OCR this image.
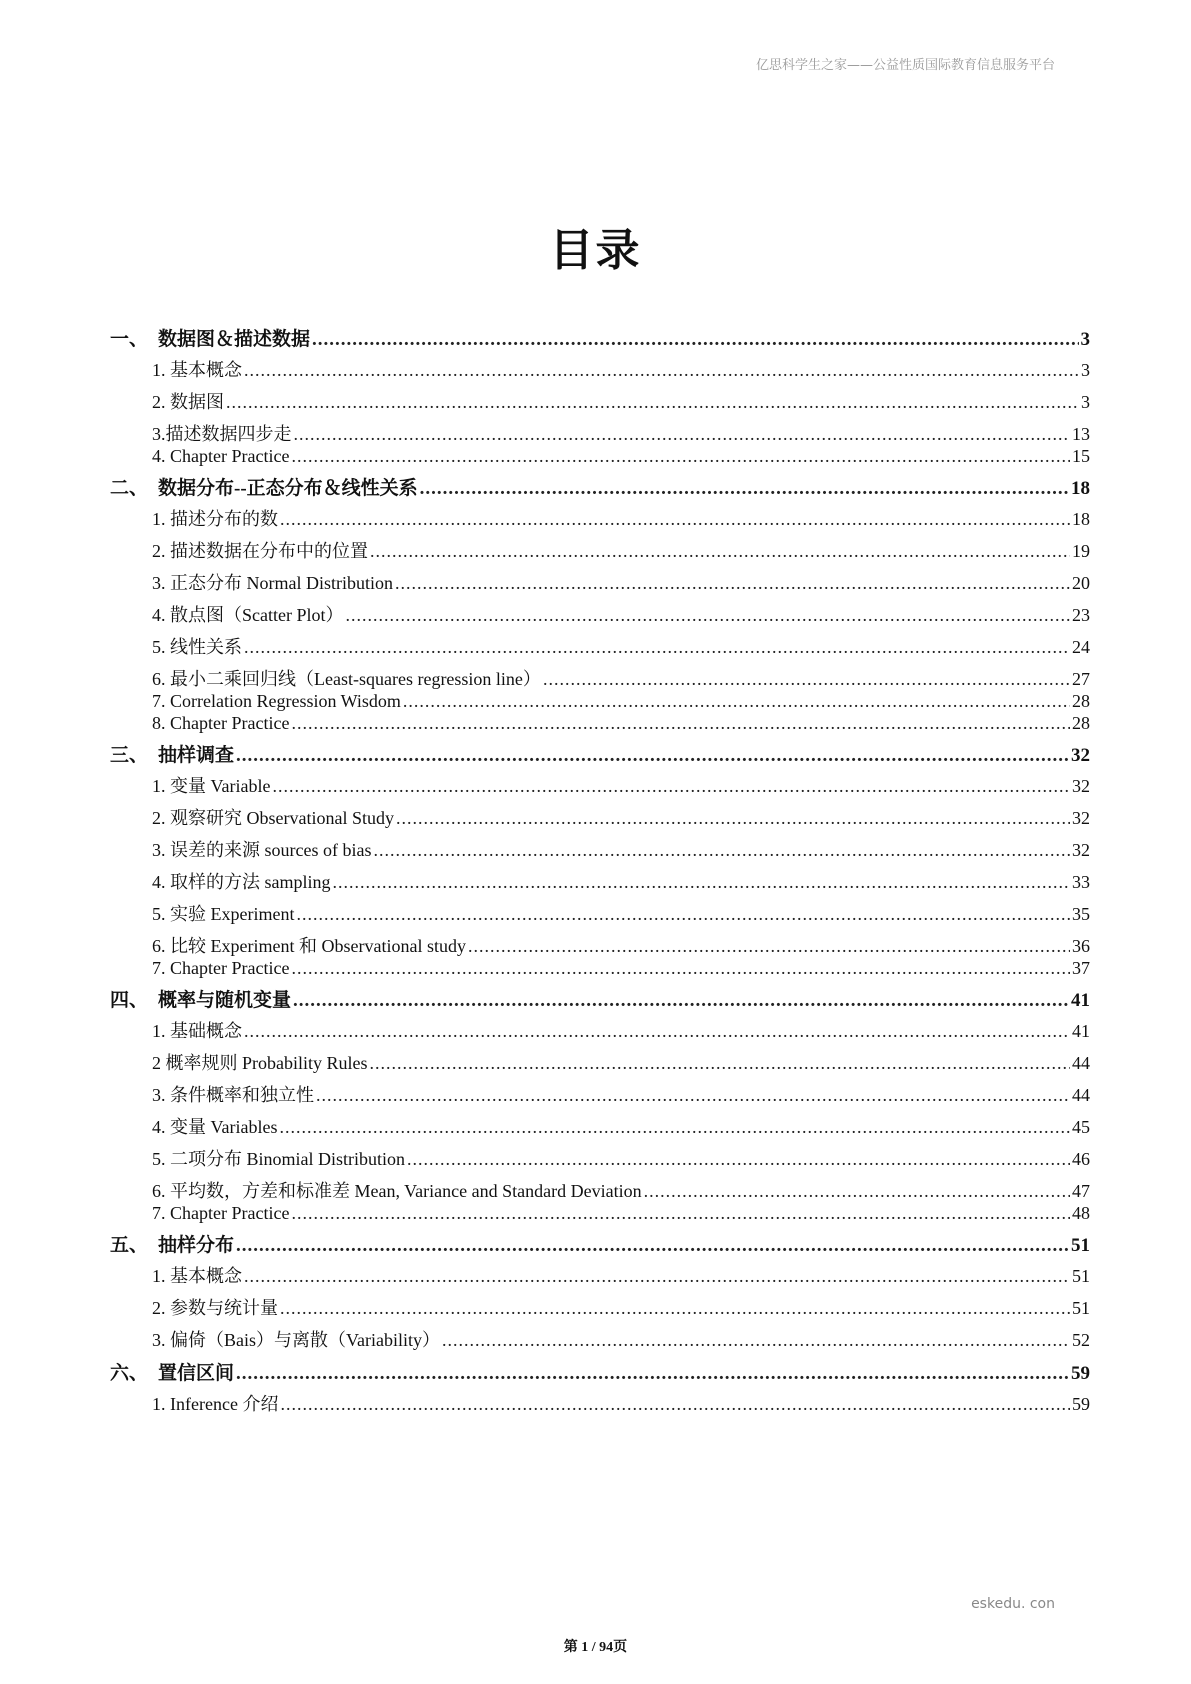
亿思科学生之家——公益性质国际教育信息服务平台
目录
一、 数据图＆描述数据 .....	3
1. 基本概念 .....	3
2. 数据图 .....	3
3.描述数据四步走 .....	13
4. Chapter Practice .....	15
二、 数据分布--正态分布＆线性关系 .....	18
1. 描述分布的数 .....	18
2. 描述数据在分布中的位置 .....	19
3. 正态分布 Normal Distribution .....	20
4. 散点图（Scatter Plot） .....	23
5. 线性关系 .....	24
6. 最小二乘回归线（Least-squares regression line） .....	27
7. Correlation Regression Wisdom .....	28
8. Chapter Practice .....	28
三、 抽样调查 .....	32
1. 变量 Variable .....	32
2. 观察研究 Observational Study .....	32
3. 误差的来源 sources of bias .....	32
4. 取样的方法 sampling .....	33
5. 实验 Experiment .....	35
6. 比较 Experiment 和 Observational study .....	36
7. Chapter Practice .....	37
四、 概率与随机变量 .....	41
1. 基础概念 .....	41
2 概率规则 Probability Rules .....	44
3. 条件概率和独立性 .....	44
4. 变量 Variables .....	45
5. 二项分布 Binomial Distribution .....	46
6. 平均数，方差和标准差 Mean, Variance and Standard Deviation .....	47
7. Chapter Practice .....	48
五、 抽样分布 .....	51
1. 基本概念 .....	51
2. 参数与统计量 .....	51
3. 偏倚（Bais）与离散（Variability） .....	52
六、 置信区间 .....	59
1. Inference 介绍 .....	59
eskedu. con
第 1 / 94页
